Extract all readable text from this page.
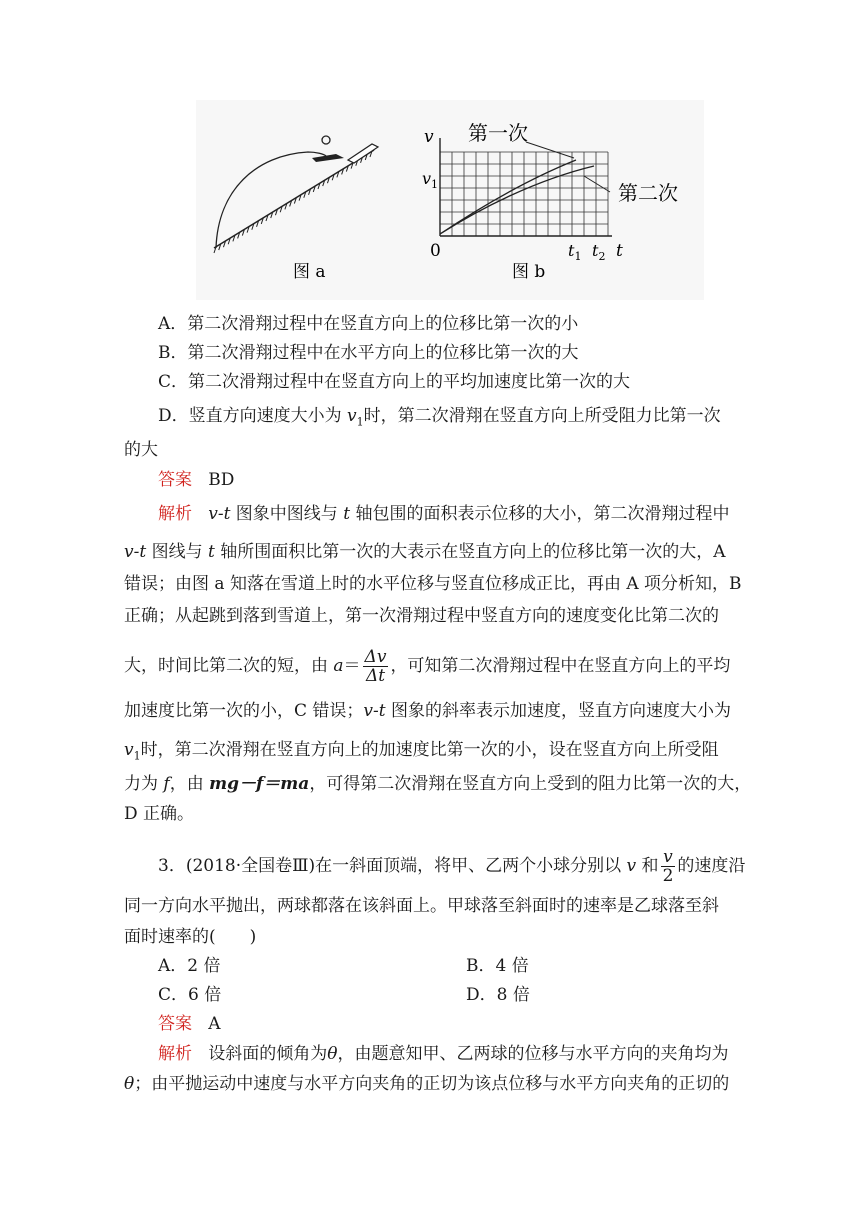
图 a
v
$v_1$
0	$t_1$ $t_2$ t
第一次
第二次
图 b
A．第二次滑翔过程中在竖直方向上的位移比第一次的小
B．第二次滑翔过程中在水平方向上的位移比第一次的大
C．第二次滑翔过程中在竖直方向上的平均加速度比第一次的大
D．竖直方向速度大小为 $v_1$时，第二次滑翔在竖直方向上所受阻力比第一次
的大
答案 BD
解析 v-t 图象中图线与 t 轴包围的面积表示位移的大小，第二次滑翔过程中
v-t 图线与 t 轴所围面积比第一次的大表示在竖直方向上的位移比第一次的大，A
错误；由图 a 知落在雪道上时的水平位移与竖直位移成正比，再由 A 项分析知，B
正确；从起跳到落到雪道上，第一次滑翔过程中竖直方向的速度变化比第二次的
大，时间比第二次的短，由 $a= \frac{\Delta v}{\Delta t}$ ，可知第二次滑翔过程中在竖直方向上的平均
加速度比第一次的小，C 错误；v-t 图象的斜率表示加速度，竖直方向速度大小为
$v_1$时，第二次滑翔在竖直方向上的加速度比第一次的小，设在竖直方向上所受阻
力为 f，由 mg－f＝ma，可得第二次滑翔在竖直方向上受到的阻力比第一次的大，
D 正确。
3．(2018·全国卷Ⅲ)在一斜面顶端，将甲、乙两个小球分别以 v 和 $\frac{v}{2}$ 的速度沿
同一方向水平抛出，两球都落在该斜面上。甲球落至斜面时的速率是乙球落至斜
面时速率的(　　)
A．2 倍	B．4 倍
C．6 倍	D．8 倍
答案 A
解析 设斜面的倾角为θ，由题意知甲、乙两球的位移与水平方向的夹角均为
θ；由平抛运动中速度与水平方向夹角的正切为该点位移与水平方向夹角的正切的
